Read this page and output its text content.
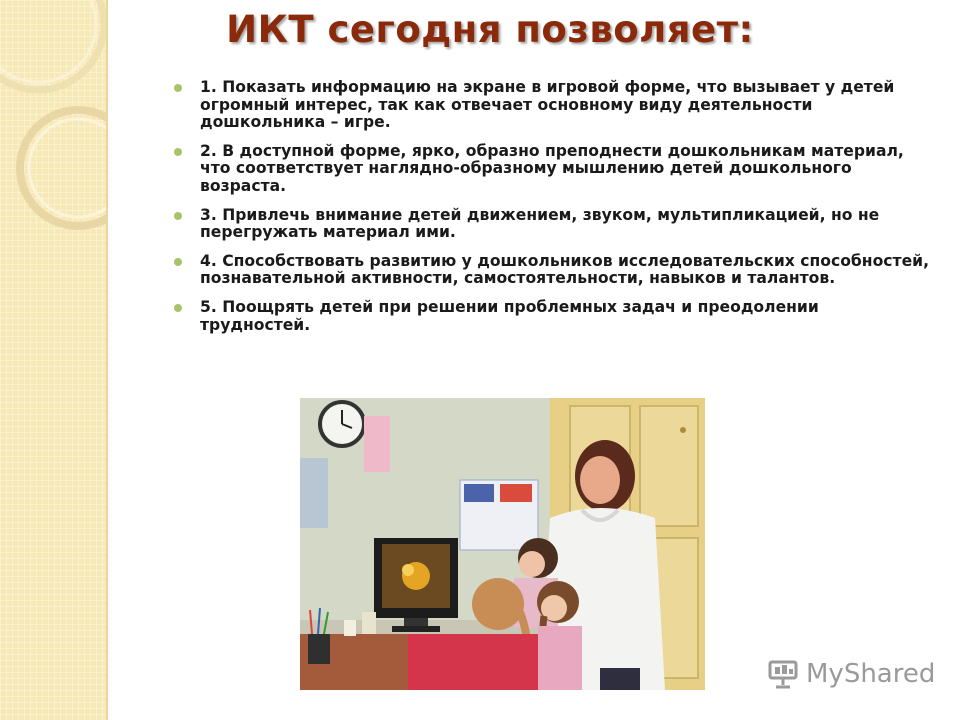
ИКТ сегодня позволяет:
1. Показать информацию на экране в игровой форме, что вызывает у детей огромный интерес, так как отвечает основному виду деятельности дошкольника – игре.
2. В доступной форме, ярко, образно преподнести дошкольникам материал, что соответствует наглядно-образному мышлению детей дошкольного возраста.
3. Привлечь внимание детей движением, звуком, мультипликацией, но не перегружать материал ими.
4. Способствовать развитию у дошкольников исследовательских способностей, познавательной активности, самостоятельности, навыков и талантов.
5. Поощрять детей при решении проблемных задач и преодолении трудностей.
MyShared
